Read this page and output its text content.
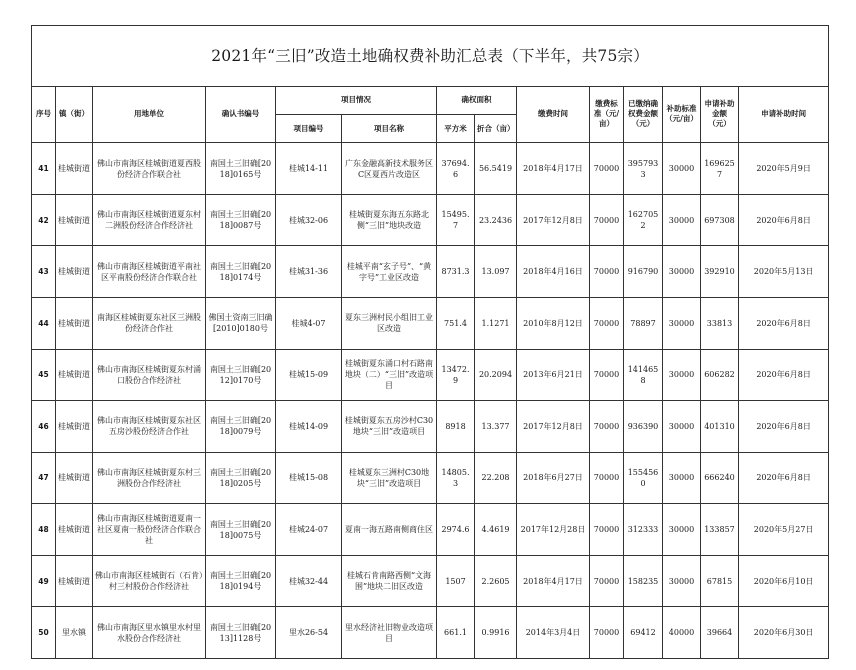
2021年“三旧”改造土地确权费补助汇总表（下半年，共75宗）													
序号	镇（街）	用地单位	确认书编号	项目情况		确权面积		缴费时间	缴费标准（元/亩）	已缴纳确权费金额（元）	补助标准（元/亩）	申请补助金额（元）	申请补助时间
				项目编号	项目名称	平方米	折合（亩）						
41	桂城街道	佛山市南海区桂城街道夏西股份经济合作联合社	南国土三旧确[2018]0165号	桂城14-11	广东金融高新技术服务区C区夏西片改造区	37694.6	56.5419	2018年4月17日	70000	3957933	30000	1696257	2020年5月9日
42	桂城街道	佛山市南海区桂城街道夏东村二洲股份经济合作经济社	南国土三旧确[2018]0087号	桂城32-06	桂城街夏东海五东路北侧“三旧”地块改造	15495.7	23.2436	2017年12月8日	70000	1627052	30000	697308	2020年6月8日
43	桂城街道	佛山市南海区桂城街道平南社区平南股份经济合作联合社	南国土三旧确[2018]0174号	桂城31-36	桂城平南“玄子号”、“黄字号”工业区改造	8731.3	13.097	2018年4月16日	70000	916790	30000	392910	2020年5月13日
44	桂城街道	南海区桂城街夏东社区三洲股份经济合作社	佛国土资南三旧确[2010]0180号	桂城4-07	夏东三洲村民小组旧工业区改造	751.4	1.1271	2010年8月12日	70000	78897	30000	33813	2020年6月8日
45	桂城街道	佛山市南海区桂城街夏东村涌口股份合作经济社	南国土三旧确[2012]0170号	桂城15-09	桂城街夏东涌口村石路南地块（二）“三旧”改造项目	13472.9	20.2094	2013年6月21日	70000	1414658	30000	606282	2020年6月8日
46	桂城街道	佛山市南海区桂城街夏东社区五房沙股份经济合作社	南国土三旧确[2018]0079号	桂城14-09	桂城街夏东五房沙村C30地块“三旧”改造项目	8918	13.377	2017年12月8日	70000	936390	30000	401310	2020年6月8日
47	桂城街道	佛山市南海区桂城街夏东村三洲股份合作经济社	南国土三旧确[2018]0205号	桂城15-08	桂城夏东三洲村C30地块“三旧”改造项目	14805.3	22.208	2018年6月27日	70000	1554560	30000	666240	2020年6月8日
48	桂城街道	佛山市南海区桂城街道夏南一社区夏南一股份经济合作联合社	南国土三旧确[2018]0075号	桂城24-07	夏南一海五路南侧商住区	2974.6	4.4619	2017年12月28日	70000	312333	30000	133857	2020年5月27日
49	桂城街道	佛山市南海区桂城街石（石肯）村三村股份合作经济社	南国土三旧确[2018]0194号	桂城32-44	桂城石肯南路西侧“文海围”地块二旧区改造	1507	2.2605	2018年4月17日	70000	158235	30000	67815	2020年6月10日
50	里水镇	佛山市南海区里水镇里水村里水股份合作经济社	南国土三旧确[2013]1128号	里水26-54	里水经济社旧物业改造项目	661.1	0.9916	2014年3月4日	70000	69412	40000	39664	2020年6月30日
